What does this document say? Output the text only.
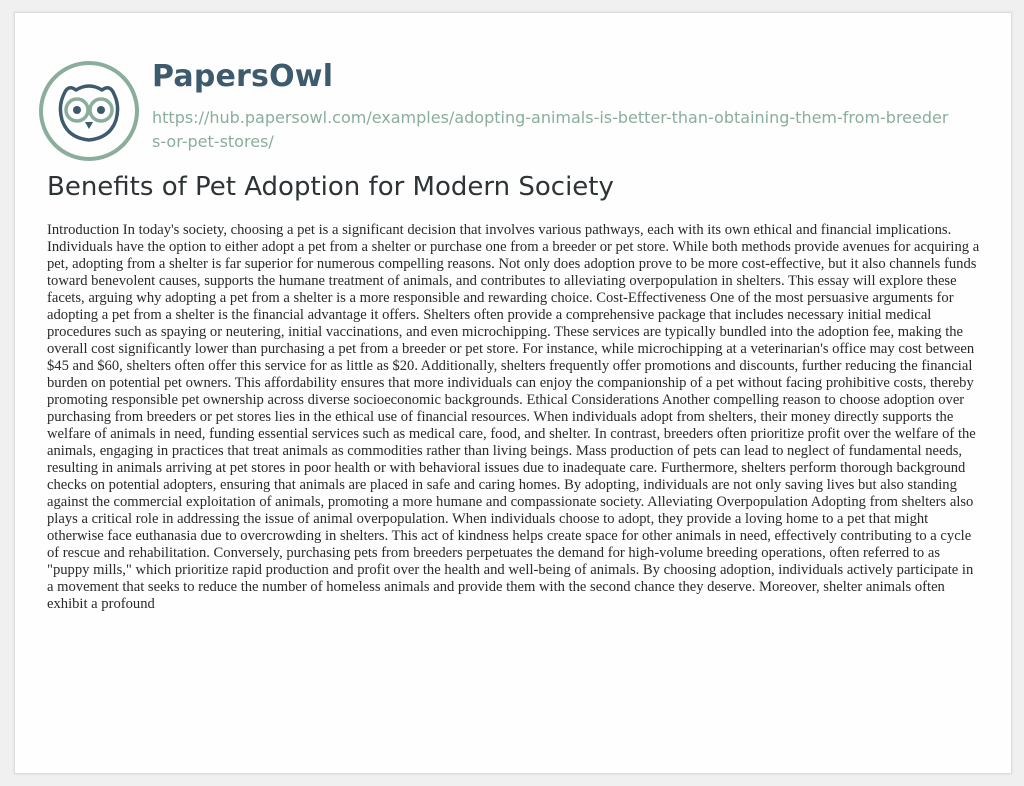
PapersOwl
https://hub.papersowl.com/examples/adopting-animals-is-better-than-obtaining-them-from-breeders-or-pet-stores/
Benefits of Pet Adoption for Modern Society

Introduction In today's society, choosing a pet is a significant decision that involves various pathways, each with its own ethical and financial implications. Individuals have the option to either adopt a pet from a shelter or purchase one from a breeder or pet store. While both methods provide avenues for acquiring a pet, adopting from a shelter is far superior for numerous compelling reasons. Not only does adoption prove to be more cost-effective, but it also channels funds toward benevolent causes, supports the humane treatment of animals, and contributes to alleviating overpopulation in shelters. This essay will explore these facets, arguing why adopting a pet from a shelter is a more responsible and rewarding choice. Cost-Effectiveness One of the most persuasive arguments for adopting a pet from a shelter is the financial advantage it offers. Shelters often provide a comprehensive package that includes necessary initial medical procedures such as spaying or neutering, initial vaccinations, and even microchipping. These services are typically bundled into the adoption fee, making the overall cost significantly lower than purchasing a pet from a breeder or pet store. For instance, while microchipping at a veterinarian's office may cost between $45 and $60, shelters often offer this service for as little as $20. Additionally, shelters frequently offer promotions and discounts, further reducing the financial burden on potential pet owners. This affordability ensures that more individuals can enjoy the companionship of a pet without facing prohibitive costs, thereby promoting responsible pet ownership across diverse socioeconomic backgrounds. Ethical Considerations Another compelling reason to choose adoption over purchasing from breeders or pet stores lies in the ethical use of financial resources. When individuals adopt from shelters, their money directly supports the welfare of animals in need, funding essential services such as medical care, food, and shelter. In contrast, breeders often prioritize profit over the welfare of the animals, engaging in practices that treat animals as commodities rather than living beings. Mass production of pets can lead to neglect of fundamental needs, resulting in animals arriving at pet stores in poor health or with behavioral issues due to inadequate care. Furthermore, shelters perform thorough background checks on potential adopters, ensuring that animals are placed in safe and caring homes. By adopting, individuals are not only saving lives but also standing against the commercial exploitation of animals, promoting a more humane and compassionate society. Alleviating Overpopulation Adopting from shelters also plays a critical role in addressing the issue of animal overpopulation. When individuals choose to adopt, they provide a loving home to a pet that might otherwise face euthanasia due to overcrowding in shelters. This act of kindness helps create space for other animals in need, effectively contributing to a cycle of rescue and rehabilitation. Conversely, purchasing pets from breeders perpetuates the demand for high-volume breeding operations, often referred to as "puppy mills," which prioritize rapid production and profit over the health and well-being of animals. By choosing adoption, individuals actively participate in a movement that seeks to reduce the number of homeless animals and provide them with the second chance they deserve. Moreover, shelter animals often exhibit a profound
